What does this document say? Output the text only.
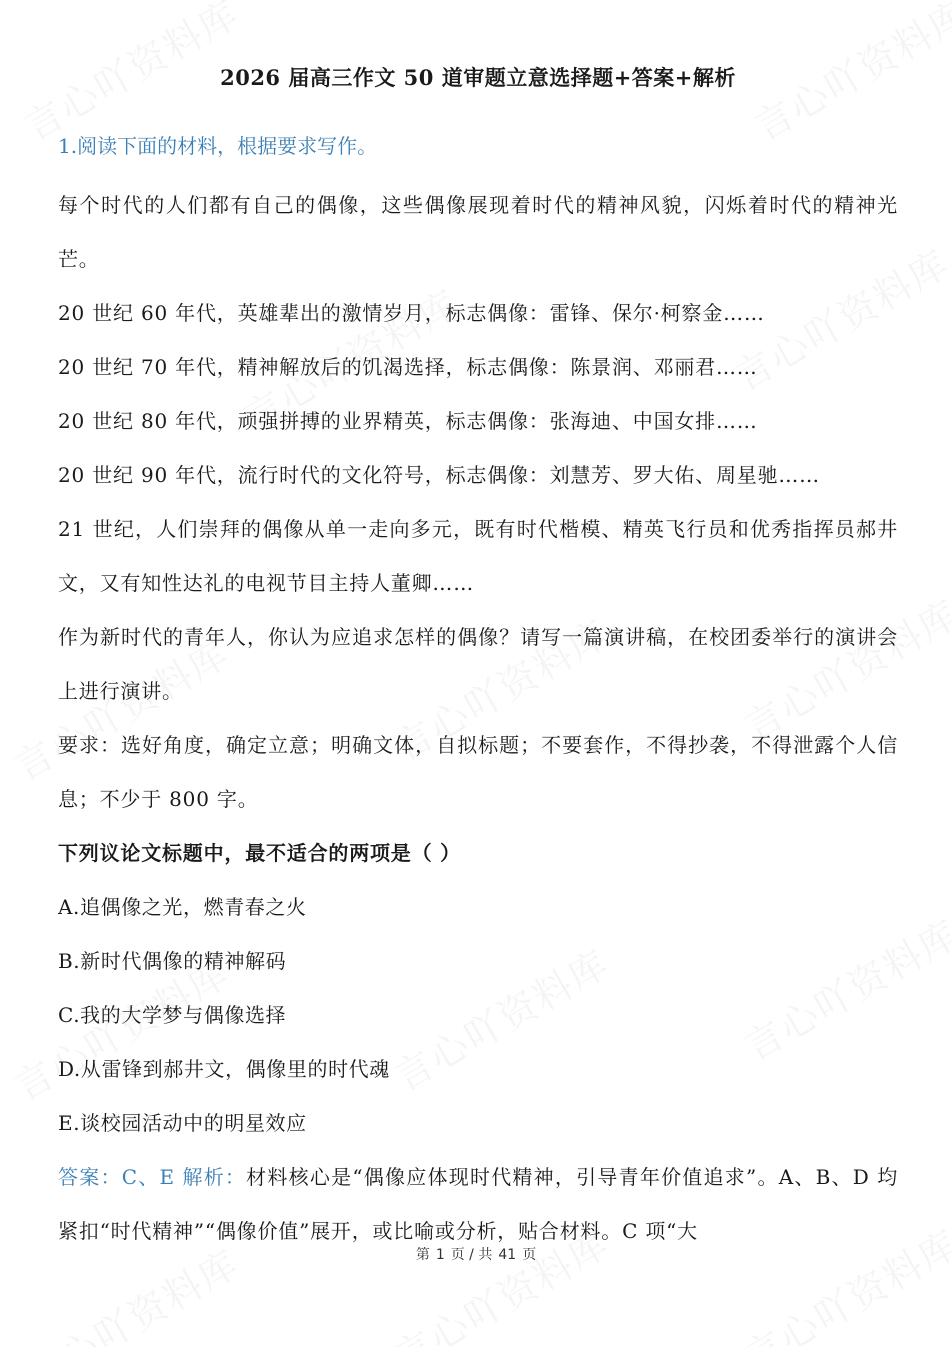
2026 届高三作文 50 道审题立意选择题+答案+解析

1.阅读下面的材料，根据要求写作。

每个时代的人们都有自己的偶像，这些偶像展现着时代的精神风貌，闪烁着时代的精神光芒。

20 世纪 60 年代，英雄辈出的激情岁月，标志偶像：雷锋、保尔·柯察金……

20 世纪 70 年代，精神解放后的饥渴选择，标志偶像：陈景润、邓丽君……

20 世纪 80 年代，顽强拼搏的业界精英，标志偶像：张海迪、中国女排……

20 世纪 90 年代，流行时代的文化符号，标志偶像：刘慧芳、罗大佑、周星驰……

21 世纪，人们崇拜的偶像从单一走向多元，既有时代楷模、精英飞行员和优秀指挥员郝井文，又有知性达礼的电视节目主持人董卿……

作为新时代的青年人，你认为应追求怎样的偶像？请写一篇演讲稿，在校团委举行的演讲会上进行演讲。

要求：选好角度，确定立意；明确文体，自拟标题；不要套作，不得抄袭，不得泄露个人信息；不少于 800 字。

下列议论文标题中，最不适合的两项是（ ）

A.追偶像之光，燃青春之火

B.新时代偶像的精神解码

C.我的大学梦与偶像选择

D.从雷锋到郝井文，偶像里的时代魂

E.谈校园活动中的明星效应

答案：C、E 解析：材料核心是“偶像应体现时代精神，引导青年价值追求”。A、B、D 均紧扣“时代精神”“偶像价值”展开，或比喻或分析，贴合材料。C 项“大

第 1 页 / 共 41 页
